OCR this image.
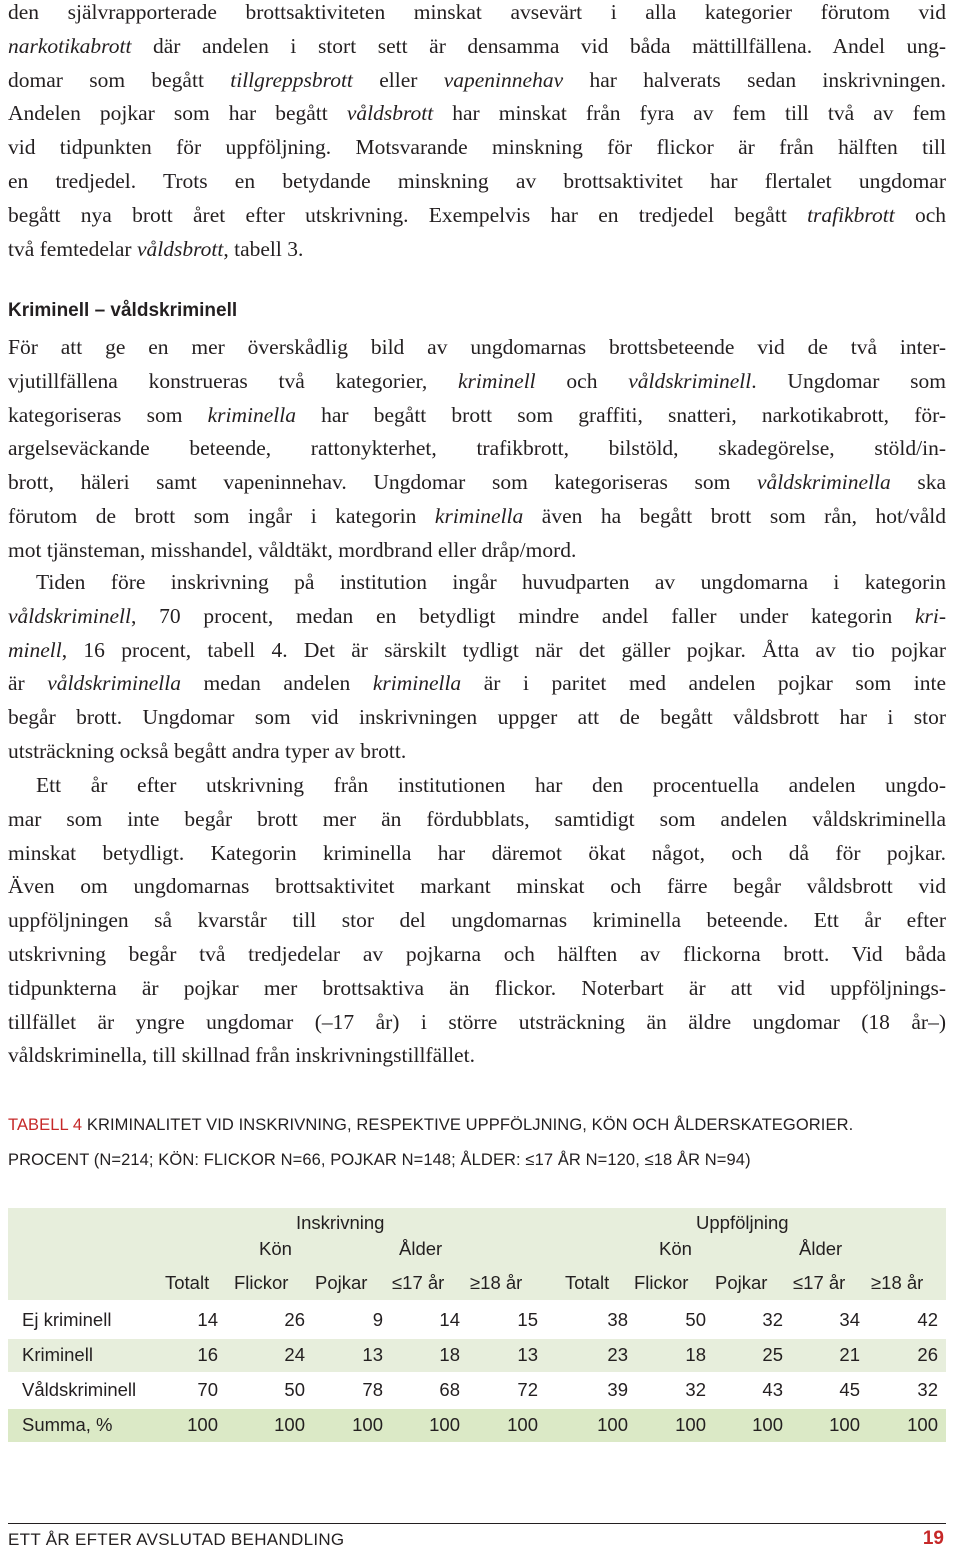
den självrapporterade brottsaktiviteten minskat avsevärt i alla kategorier förutom vid
narkotikabrott där andelen i stort sett är densamma vid båda mättillfällena. Andel ung-
domar som begått tillgreppsbrott eller vapeninnehav har halverats sedan inskrivningen.
Andelen pojkar som har begått våldsbrott har minskat från fyra av fem till två av fem
vid tidpunkten för uppföljning. Motsvarande minskning för flickor är från hälften till
en tredjedel. Trots en betydande minskning av brottsaktivitet har flertalet ungdomar
begått nya brott året efter utskrivning. Exempelvis har en tredjedel begått trafikbrott och
två femtedelar våldsbrott, tabell 3.
Kriminell – våldskriminell
För att ge en mer överskådlig bild av ungdomarnas brottsbeteende vid de två inter-
vjutillfällena konstrueras två kategorier, kriminell och våldskriminell. Ungdomar som
kategoriseras som kriminella har begått brott som graffiti, snatteri, narkotikabrott, för-
argelseväckande beteende, rattonykterhet, trafikbrott, bilstöld, skadegörelse, stöld/in-
brott, häleri samt vapeninnehav. Ungdomar som kategoriseras som våldskriminella ska
förutom de brott som ingår i kategorin kriminella även ha begått brott som rån, hot/våld
mot tjänsteman, misshandel, våldtäkt, mordbrand eller dråp/mord.
Tiden före inskrivning på institution ingår huvudparten av ungdomarna i kategorin
våldskriminell, 70 procent, medan en betydligt mindre andel faller under kategorin kri-
minell, 16 procent, tabell 4. Det är särskilt tydligt när det gäller pojkar. Åtta av tio pojkar
är våldskriminella medan andelen kriminella är i paritet med andelen pojkar som inte
begår brott. Ungdomar som vid inskrivningen uppger att de begått våldsbrott har i stor
utsträckning också begått andra typer av brott.
Ett år efter utskrivning från institutionen har den procentuella andelen ungdo-
mar som inte begår brott mer än fördubblats, samtidigt som andelen våldskriminella
minskat betydligt. Kategorin kriminella har däremot ökat något, och då för pojkar.
Även om ungdomarnas brottsaktivitet markant minskat och färre begår våldsbrott vid
uppföljningen så kvarstår till stor del ungdomarnas kriminella beteende. Ett år efter
utskrivning begår två tredjedelar av pojkarna och hälften av flickorna brott. Vid båda
tidpunkterna är pojkar mer brottsaktiva än flickor. Noterbart är att vid uppföljnings-
tillfället är yngre ungdomar (–17 år) i större utsträckning än äldre ungdomar (18 år–)
våldskriminella, till skillnad från inskrivningstillfället.
TABELL 4 KRIMINALITET VID INSKRIVNING, RESPEKTIVE UPPFÖLJNING, KÖN OCH ÅLDERSKATEGORIER.
PROCENT (N=214; KÖN: FLICKOR N=66, POJKAR N=148; ÅLDER: ≤17 ÅR N=120, ≤18 ÅR N=94)
Inskrivning	Uppföljning
Kön	Ålder	Kön	Ålder
Totalt Flickor Pojkar ≤17 år ≥18 år Totalt Flickor Pojkar ≤17 år ≥18 år
Ej kriminell	14	26	9	14	15	38	50	32	34	42
Kriminell	16	24	13	18	13	23	18	25	21	26
Våldskriminell	70	50	78	68	72	39	32	43	45	32
Summa, %	100	100	100	100	100	100	100	100	100	100
ETT ÅR EFTER AVSLUTAD BEHANDLING	19
